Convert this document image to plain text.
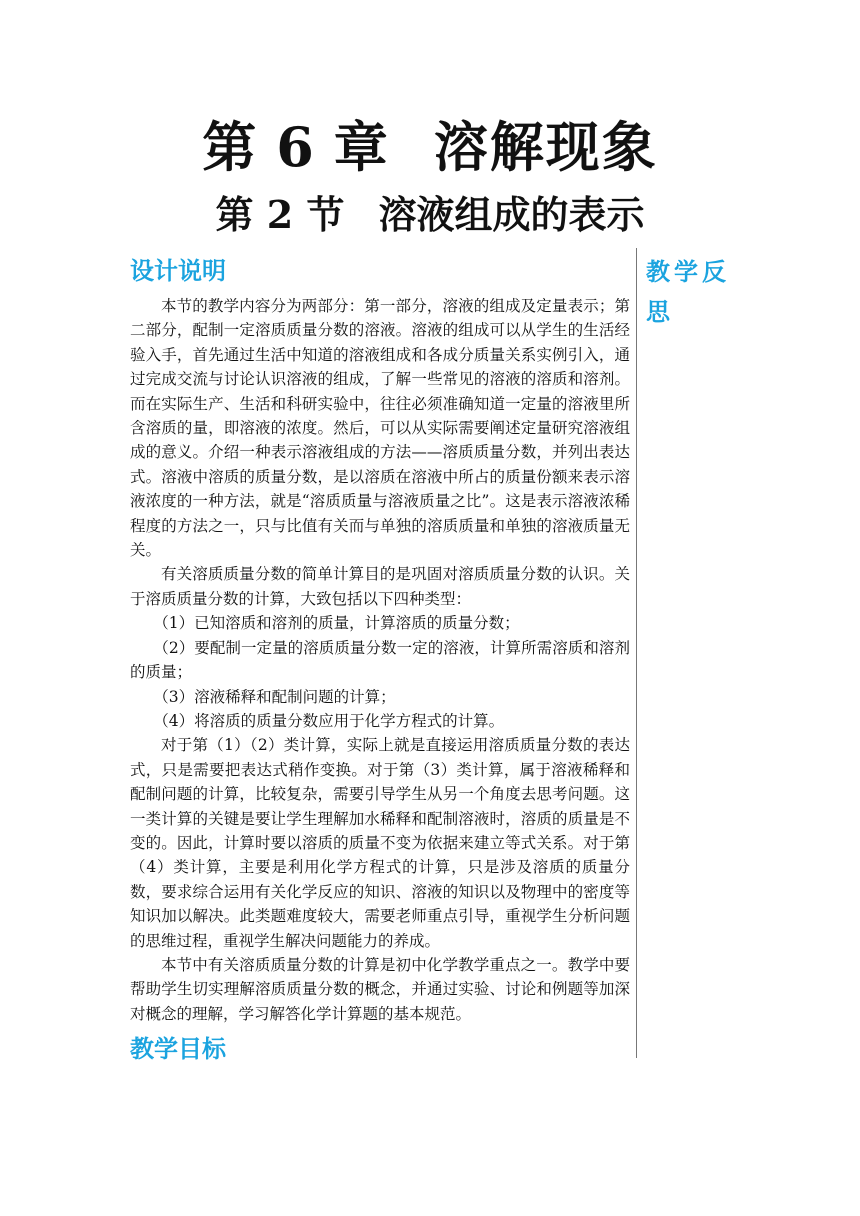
第 6 章 溶解现象
第 2 节 溶液组成的表示
教学反思
设计说明

本节的教学内容分为两部分：第一部分，溶液的组成及定量表示；第二部分，配制一定溶质质量分数的溶液。溶液的组成可以从学生的生活经验入手，首先通过生活中知道的溶液组成和各成分质量关系实例引入，通过完成交流与讨论认识溶液的组成，了解一些常见的溶液的溶质和溶剂。而在实际生产、生活和科研实验中，往往必须准确知道一定量的溶液里所含溶质的量，即溶液的浓度。然后，可以从实际需要阐述定量研究溶液组成的意义。介绍一种表示溶液组成的方法——溶质质量分数，并列出表达式。溶液中溶质的质量分数，是以溶质在溶液中所占的质量份额来表示溶液浓度的一种方法，就是“溶质质量与溶液质量之比”。这是表示溶液浓稀程度的方法之一，只与比值有关而与单独的溶质质量和单独的溶液质量无关。

有关溶质质量分数的简单计算目的是巩固对溶质质量分数的认识。关于溶质质量分数的计算，大致包括以下四种类型：

（1）已知溶质和溶剂的质量，计算溶质的质量分数；

（2）要配制一定量的溶质质量分数一定的溶液，计算所需溶质和溶剂的质量；

（3）溶液稀释和配制问题的计算；

（4）将溶质的质量分数应用于化学方程式的计算。

对于第（1）（2）类计算，实际上就是直接运用溶质质量分数的表达式，只是需要把表达式稍作变换。对于第（3）类计算，属于溶液稀释和配制问题的计算，比较复杂，需要引导学生从另一个角度去思考问题。这一类计算的关键是要让学生理解加水稀释和配制溶液时，溶质的质量是不变的。因此，计算时要以溶质的质量不变为依据来建立等式关系。对于第（4）类计算，主要是利用化学方程式的计算，只是涉及溶质的质量分数，要求综合运用有关化学反应的知识、溶液的知识以及物理中的密度等知识加以解决。此类题难度较大，需要老师重点引导，重视学生分析问题的思维过程，重视学生解决问题能力的养成。

本节中有关溶质质量分数的计算是初中化学教学重点之一。教学中要帮助学生切实理解溶质质量分数的概念，并通过实验、讨论和例题等加深对概念的理解，学习解答化学计算题的基本规范。

教学目标
